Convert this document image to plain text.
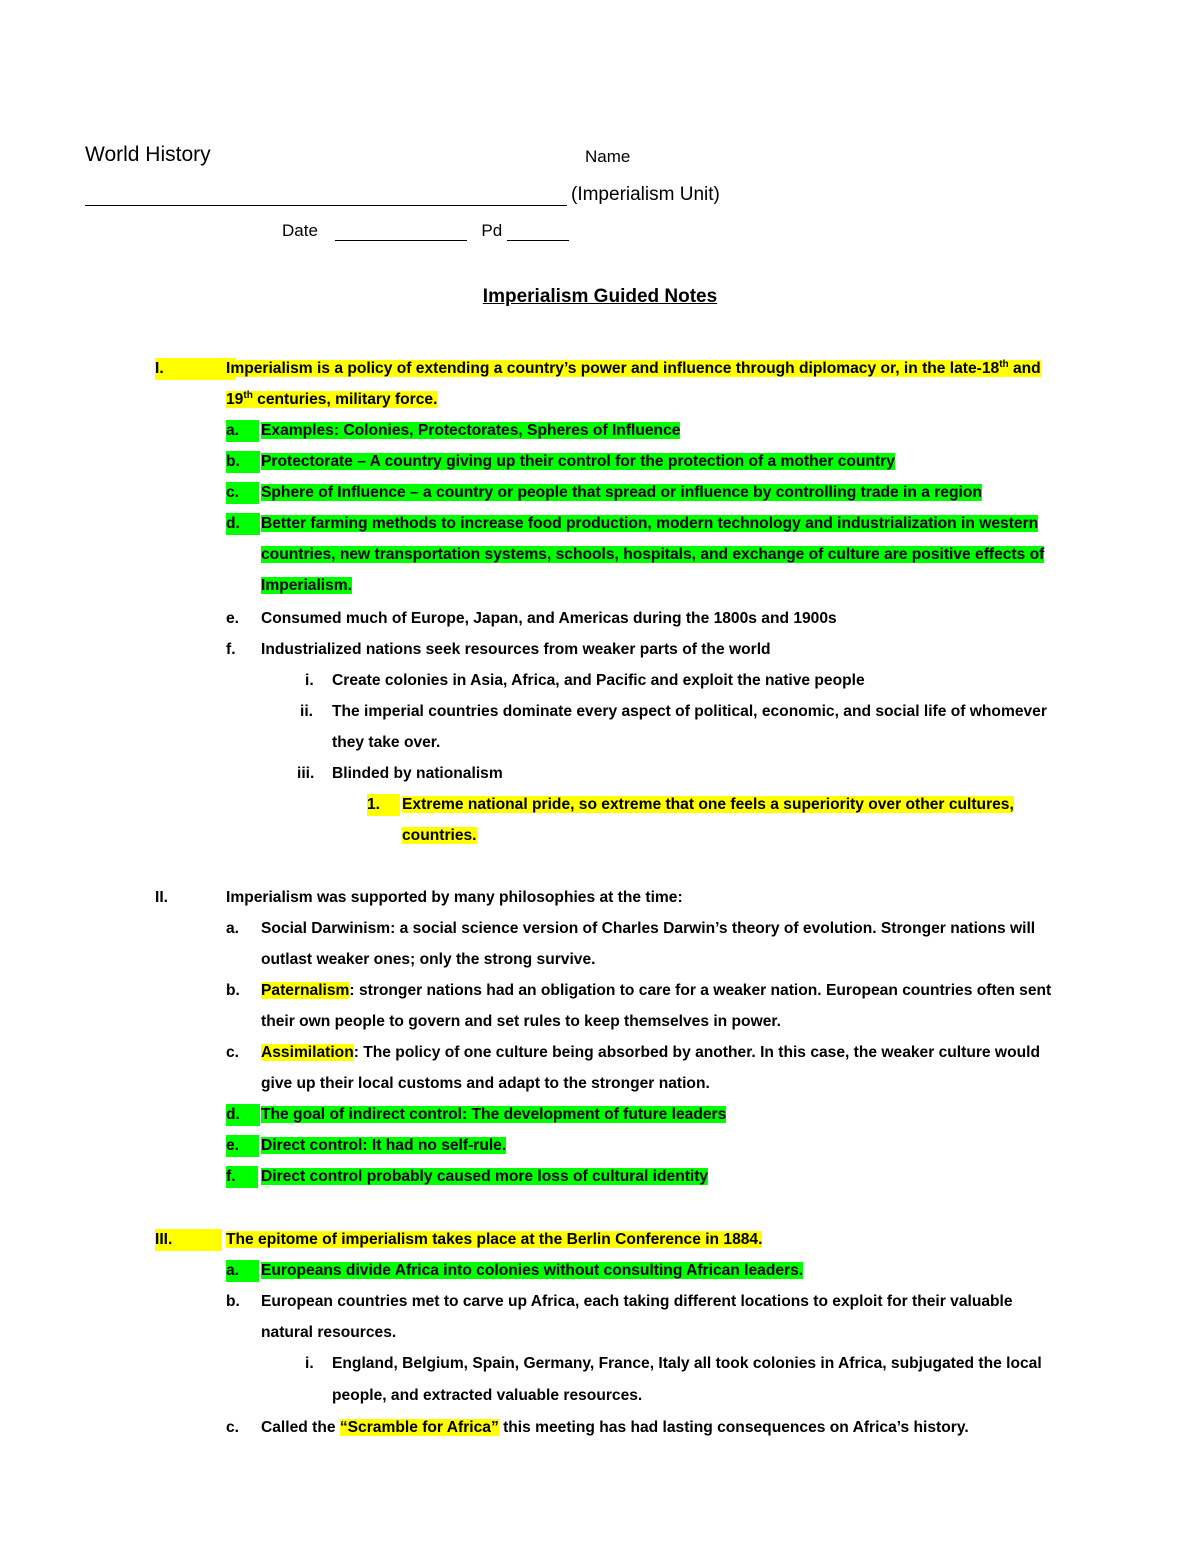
World History	Name
(Imperialism Unit)
Date	Pd
Imperialism Guided Notes
I.	Imperialism is a policy of extending a country’s power and influence through diplomacy or, in the late-18th and
19th centuries, military force.
a.	Examples: Colonies, Protectorates, Spheres of Influence
b.	Protectorate – A country giving up their control for the protection of a mother country
c.	Sphere of Influence – a country or people that spread or influence by controlling trade in a region
d.	Better farming methods to increase food production, modern technology and industrialization in western
countries, new transportation systems, schools, hospitals, and exchange of culture are positive effects of
Imperialism.
e. Consumed much of Europe, Japan, and Americas during the 1800s and 1900s
f. Industrialized nations seek resources from weaker parts of the world
i. Create colonies in Asia, Africa, and Pacific and exploit the native people
ii. The imperial countries dominate every aspect of political, economic, and social life of whomever
they take over.
iii. Blinded by nationalism
1.	Extreme national pride, so extreme that one feels a superiority over other cultures,
countries.
II.	Imperialism was supported by many philosophies at the time:
a. Social Darwinism: a social science version of Charles Darwin’s theory of evolution. Stronger nations will
outlast weaker ones; only the strong survive.
b. Paternalism: stronger nations had an obligation to care for a weaker nation. European countries often sent
their own people to govern and set rules to keep themselves in power.
c. Assimilation: The policy of one culture being absorbed by another. In this case, the weaker culture would
give up their local customs and adapt to the stronger nation.
d.	The goal of indirect control: The development of future leaders
e.	Direct control: It had no self-rule.
f.	Direct control probably caused more loss of cultural identity
III.	The epitome of imperialism takes place at the Berlin Conference in 1884.
a.	Europeans divide Africa into colonies without consulting African leaders.
b. European countries met to carve up Africa, each taking different locations to exploit for their valuable
natural resources.
i. England, Belgium, Spain, Germany, France, Italy all took colonies in Africa, subjugated the local
people, and extracted valuable resources.
c. Called the “Scramble for Africa” this meeting has had lasting consequences on Africa’s history.
